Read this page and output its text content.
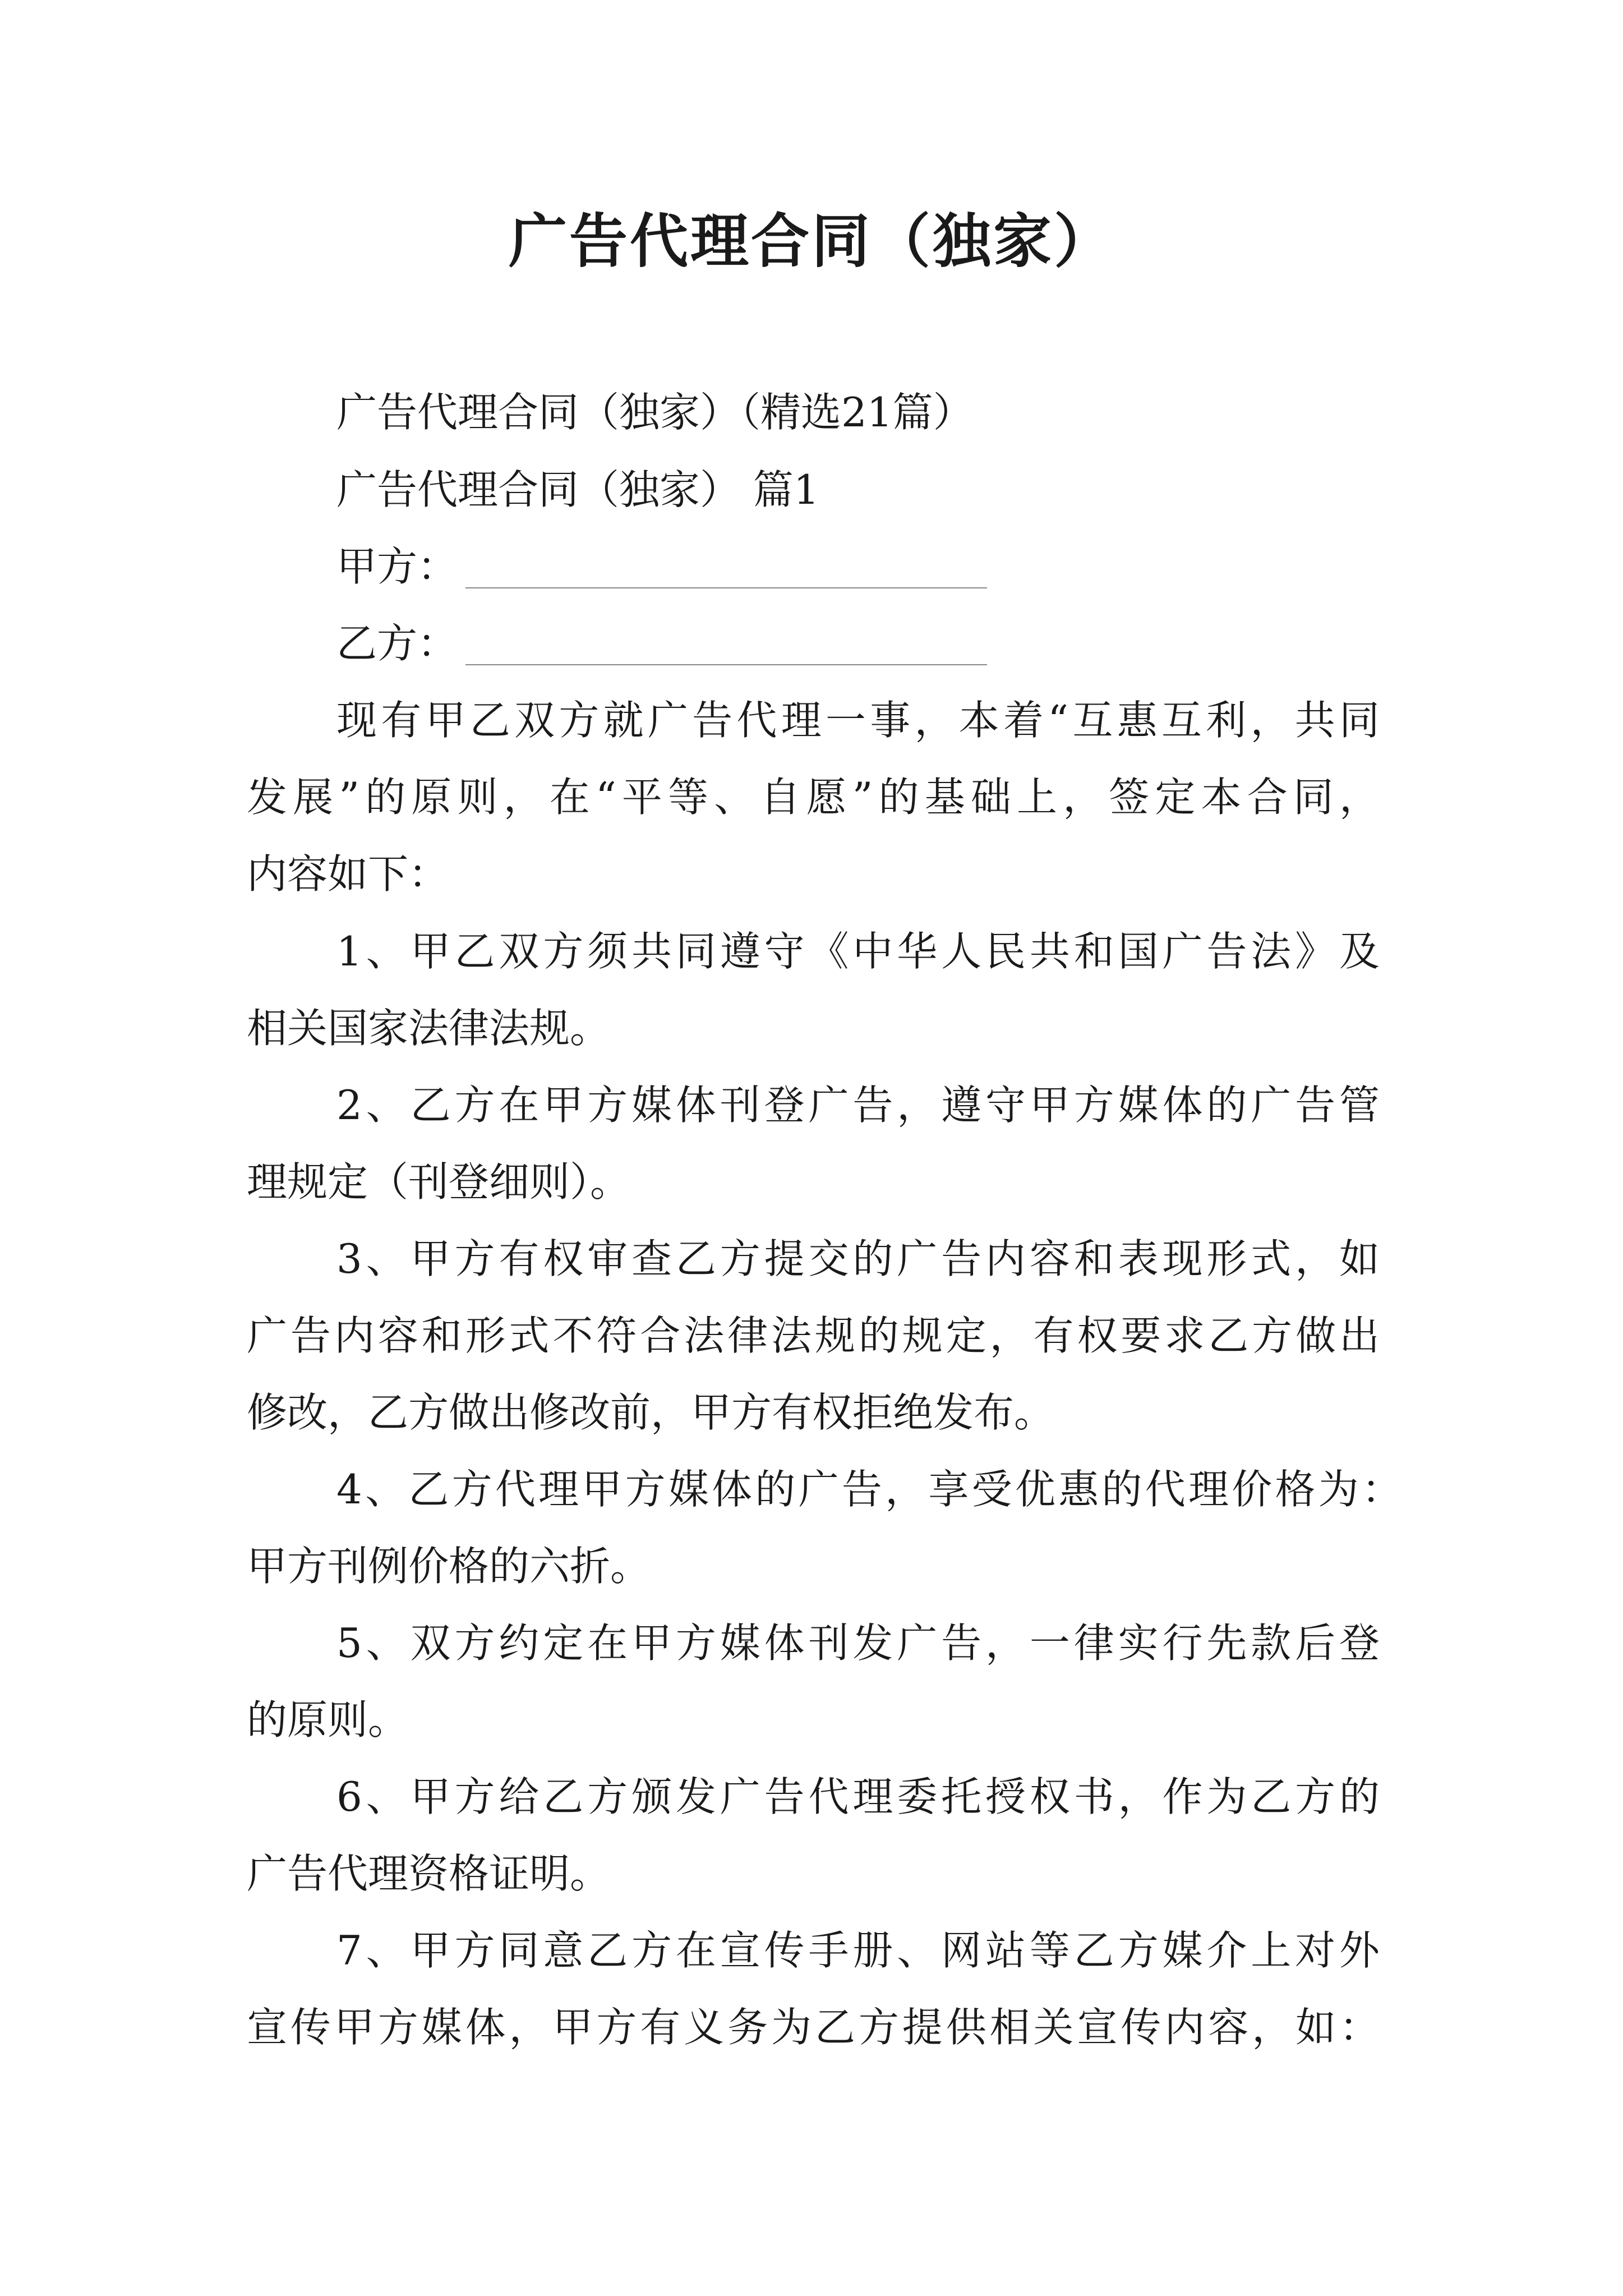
广告代理合同（独家）
广告代理合同（独家）（精选21篇）
广告代理合同（独家） 篇1
甲方：
乙方：
现有甲乙双方就广告代理一事，本着“互惠互利，共同
发展”的原则，在“平等、自愿”的基础上，签定本合同，
内容如下：
1、甲乙双方须共同遵守《中华人民共和国广告法》及
相关国家法律法规。
2、乙方在甲方媒体刊登广告，遵守甲方媒体的广告管
理规定（刊登细则）。
3、甲方有权审查乙方提交的广告内容和表现形式，如
广告内容和形式不符合法律法规的规定，有权要求乙方做出
修改，乙方做出修改前，甲方有权拒绝发布。
4、乙方代理甲方媒体的广告，享受优惠的代理价格为：
甲方刊例价格的六折。
5、双方约定在甲方媒体刊发广告，一律实行先款后登
的原则。
6、甲方给乙方颁发广告代理委托授权书，作为乙方的
广告代理资格证明。
7、甲方同意乙方在宣传手册、网站等乙方媒介上对外
宣传甲方媒体，甲方有义务为乙方提供相关宣传内容，如：
